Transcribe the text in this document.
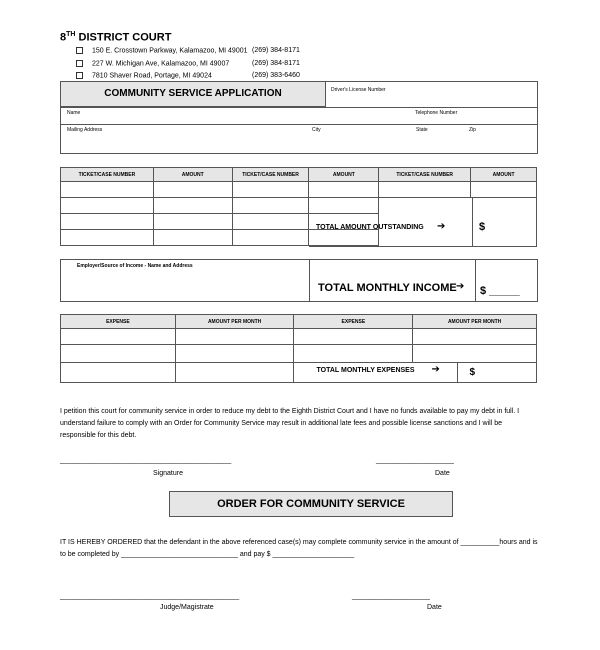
8TH DISTRICT COURT
150 E. Crosstown Parkway, Kalamazoo, MI 49001 (269) 384-8171
227 W. Michigan Ave, Kalamazoo, MI 49007	(269) 384-8171
7810 Shaver Road, Portage, MI 49024	(269) 383-6460
COMMUNITY SERVICE APPLICATION	Driver's License Number
Name	Telephone Number
Mailing Address	City	State	Zip
TICKET/CASE NUMBER	AMOUNT	TICKET/CASE NUMBER	AMOUNT	TICKET/CASE NUMBER	AMOUNT

TOTAL AMOUNT OUTSTANDING ➔	$
Employer/Source of Income - Name and Address
TOTAL MONTHLY INCOME ➔ $ _____
EXPENSE	AMOUNT PER MONTH	EXPENSE	AMOUNT PER MONTH

		TOTAL MONTHLY EXPENSES ➔ $	
I petition this court for community service in order to reduce my debt to the Eighth District Court and I have no funds available to pay my debt in full. I understand failure to comply with an Order for Community Service may result in additional late fees and possible license sanctions and I will be responsible for this debt.
____________________________________________	____________________
Signature	Date
ORDER FOR COMMUNITY SERVICE
IT IS HEREBY ORDERED that the defendant in the above referenced case(s) may complete community service in the amount of __________hours and is
to be completed by ______________________________ and pay $ _____________________
______________________________________________	____________________
Judge/Magistrate	Date
